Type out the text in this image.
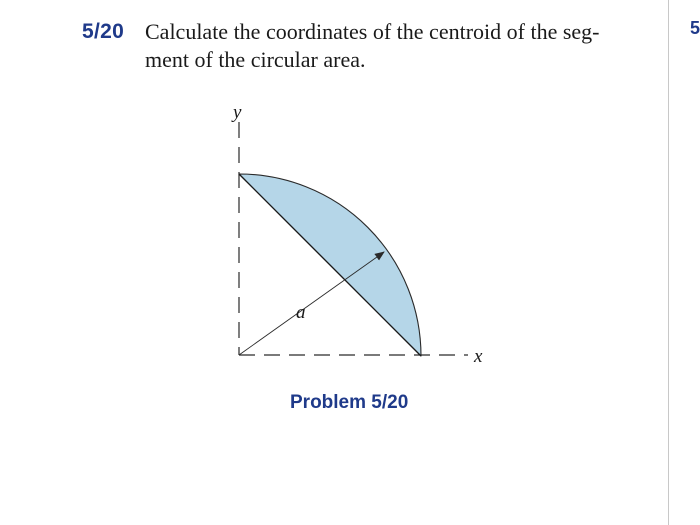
5/20 Calculate the coordinates of the centroid of the seg-
ment of the circular area.
5
y
x
a
Problem 5/20
